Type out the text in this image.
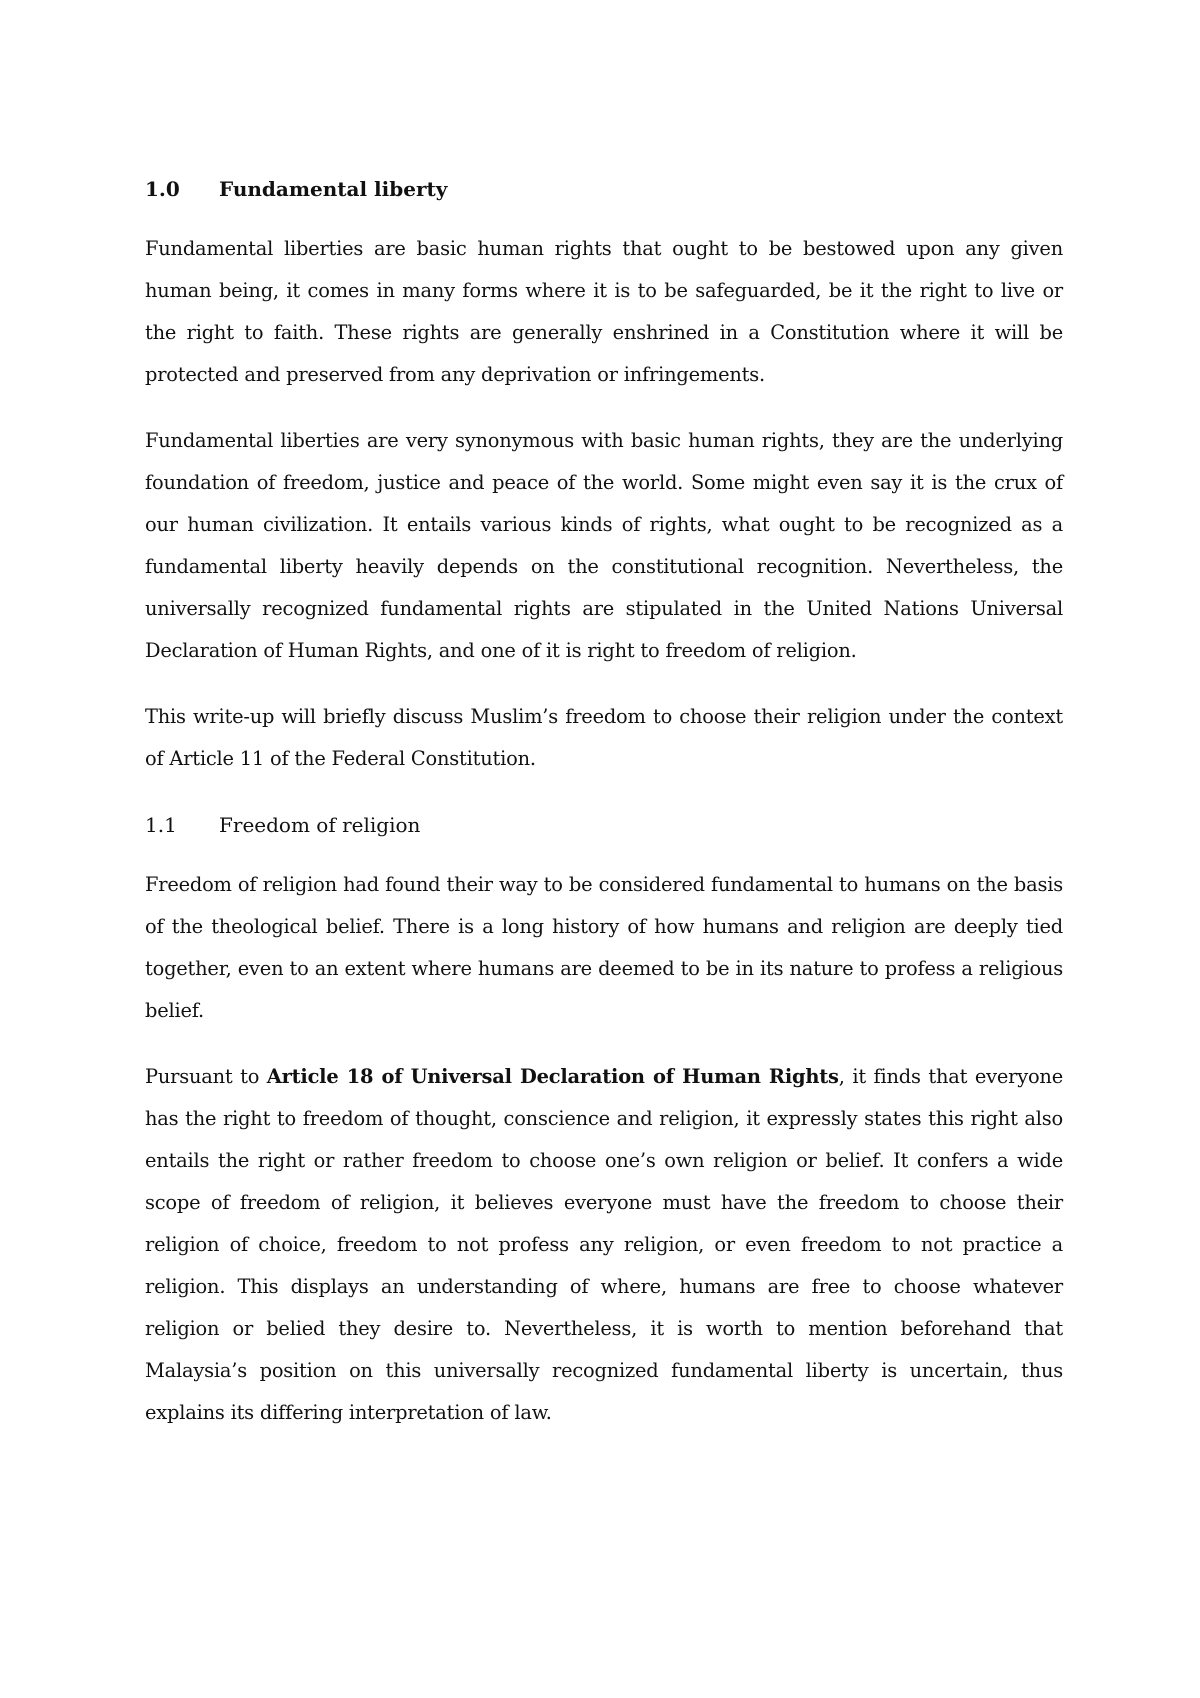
1.0	Fundamental liberty

Fundamental liberties are basic human rights that ought to be bestowed upon any given human being, it comes in many forms where it is to be safeguarded, be it the right to live or the right to faith. These rights are generally enshrined in a Constitution where it will be protected and preserved from any deprivation or infringements.

Fundamental liberties are very synonymous with basic human rights, they are the underlying foundation of freedom, justice and peace of the world. Some might even say it is the crux of our human civilization. It entails various kinds of rights, what ought to be recognized as a fundamental liberty heavily depends on the constitutional recognition. Nevertheless, the universally recognized fundamental rights are stipulated in the United Nations Universal Declaration of Human Rights, and one of it is right to freedom of religion.

This write-up will briefly discuss Muslim’s freedom to choose their religion under the context of Article 11 of the Federal Constitution.

1.1	Freedom of religion

Freedom of religion had found their way to be considered fundamental to humans on the basis of the theological belief. There is a long history of how humans and religion are deeply tied together, even to an extent where humans are deemed to be in its nature to profess a religious belief.

Pursuant to Article 18 of Universal Declaration of Human Rights, it finds that everyone has the right to freedom of thought, conscience and religion, it expressly states this right also entails the right or rather freedom to choose one’s own religion or belief. It confers a wide scope of freedom of religion, it believes everyone must have the freedom to choose their religion of choice, freedom to not profess any religion, or even freedom to not practice a religion. This displays an understanding of where, humans are free to choose whatever religion or belied they desire to. Nevertheless, it is worth to mention beforehand that Malaysia’s position on this universally recognized fundamental liberty is uncertain, thus explains its differing interpretation of law.
